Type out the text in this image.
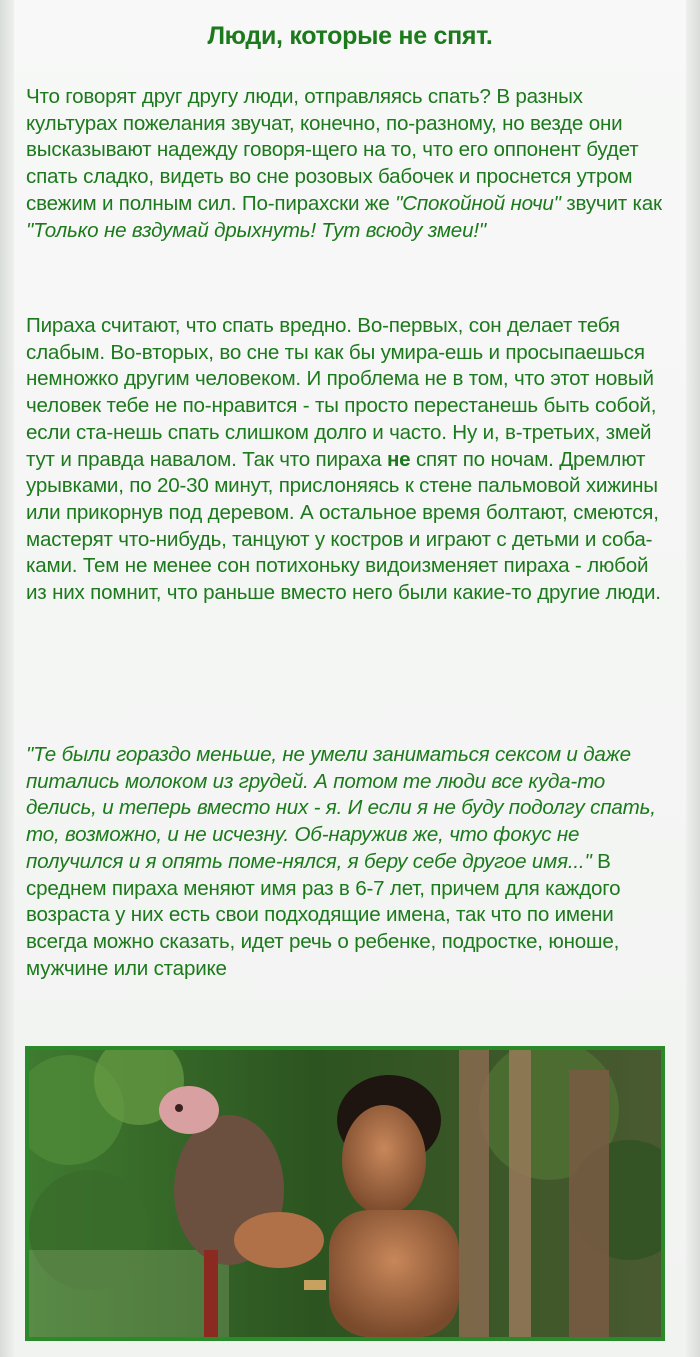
Люди, которые не спят.

Что говорят друг другу люди, отправляясь спать? В разных культурах пожелания звучат, конечно, по-разному, но везде они высказывают надежду говоря-щего на то, что его оппонент будет спать сладко, видеть во сне розовых бабочек и проснется утром свежим и полным сил. По-пирахски же "Спокойной ночи" звучит как "Только не вздумай дрыхнуть! Тут всюду змеи!"

Пираха считают, что спать вредно. Во-первых, сон делает тебя слабым. Во-вторых, во сне ты как бы умира-ешь и просыпаешься немножко другим человеком. И проблема не в том, что этот новый человек тебе не по-нравится - ты просто перестанешь быть собой, если ста-нешь спать слишком долго и часто. Ну и, в-третьих, змей тут и правда навалом. Так что пираха не спят по ночам. Дремлют урывками, по 20-30 минут, прислоняясь к стене пальмовой хижины или прикорнув под деревом. А остальное время болтают, смеются, мастерят что-нибудь, танцуют у костров и играют с детьми и соба-ками. Тем не менее сон потихоньку видоизменяет пираха - любой из них помнит, что раньше вместо него были какие-то другие люди.

"Те были гораздо меньше, не умели заниматься сексом и даже питались молоком из грудей. А потом те люди все куда-то делись, и теперь вместо них - я. И если я не буду подолгу спать, то, возможно, и не исчезну. Об-наружив же, что фокус не получился и я опять поме-нялся, я беру себе другое имя..." В среднем пираха меняют имя раз в 6-7 лет, причем для каждого возраста у них есть свои подходящие имена, так что по имени всегда можно сказать, идет речь о ребенке, подростке, юноше, мужчине или старике
